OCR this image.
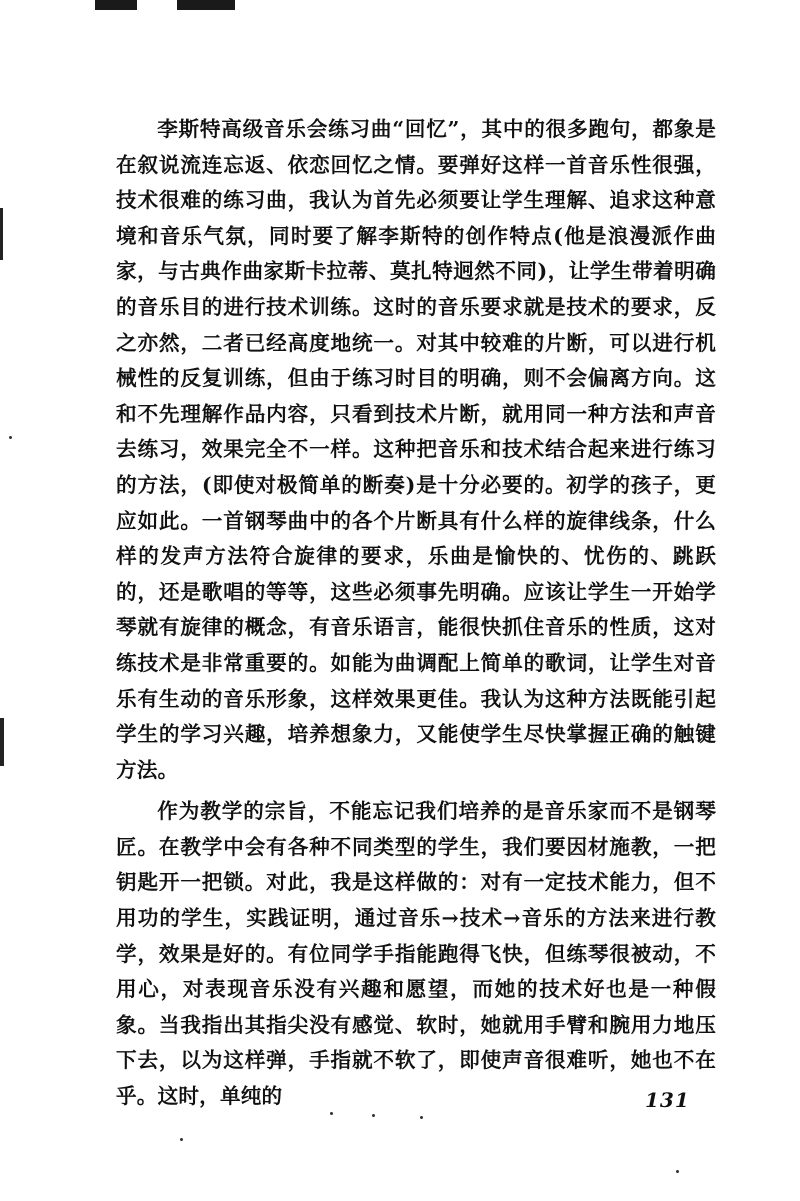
李斯特高级音乐会练习曲“回忆”，其中的很多跑句，都象是在叙说流连忘返、依恋回忆之情。要弹好这样一首音乐性很强，技术很难的练习曲，我认为首先必须要让学生理解、追求这种意境和音乐气氛，同时要了解李斯特的创作特点(他是浪漫派作曲家，与古典作曲家斯卡拉蒂、莫扎特迥然不同)，让学生带着明确的音乐目的进行技术训练。这时的音乐要求就是技术的要求，反之亦然，二者已经高度地统一。对其中较难的片断，可以进行机械性的反复训练，但由于练习时目的明确，则不会偏离方向。这和不先理解作品内容，只看到技术片断，就用同一种方法和声音去练习，效果完全不一样。这种把音乐和技术结合起来进行练习的方法，(即使对极简单的断奏)是十分必要的。初学的孩子，更应如此。一首钢琴曲中的各个片断具有什么样的旋律线条，什么样的发声方法符合旋律的要求，乐曲是愉快的、忧伤的、跳跃的，还是歌唱的等等，这些必须事先明确。应该让学生一开始学琴就有旋律的概念，有音乐语言，能很快抓住音乐的性质，这对练技术是非常重要的。如能为曲调配上简单的歌词，让学生对音乐有生动的音乐形象，这样效果更佳。我认为这种方法既能引起学生的学习兴趣，培养想象力，又能使学生尽快掌握正确的触键方法。

作为教学的宗旨，不能忘记我们培养的是音乐家而不是钢琴匠。在教学中会有各种不同类型的学生，我们要因材施教，一把钥匙开一把锁。对此，我是这样做的：对有一定技术能力，但不用功的学生，实践证明，通过音乐→技术→音乐的方法来进行教学，效果是好的。有位同学手指能跑得飞快，但练琴很被动，不用心，对表现音乐没有兴趣和愿望，而她的技术好也是一种假象。当我指出其指尖没有感觉、软时，她就用手臂和腕用力地压下去，以为这样弹，手指就不软了，即使声音很难听，她也不在乎。这时，单纯的	131
